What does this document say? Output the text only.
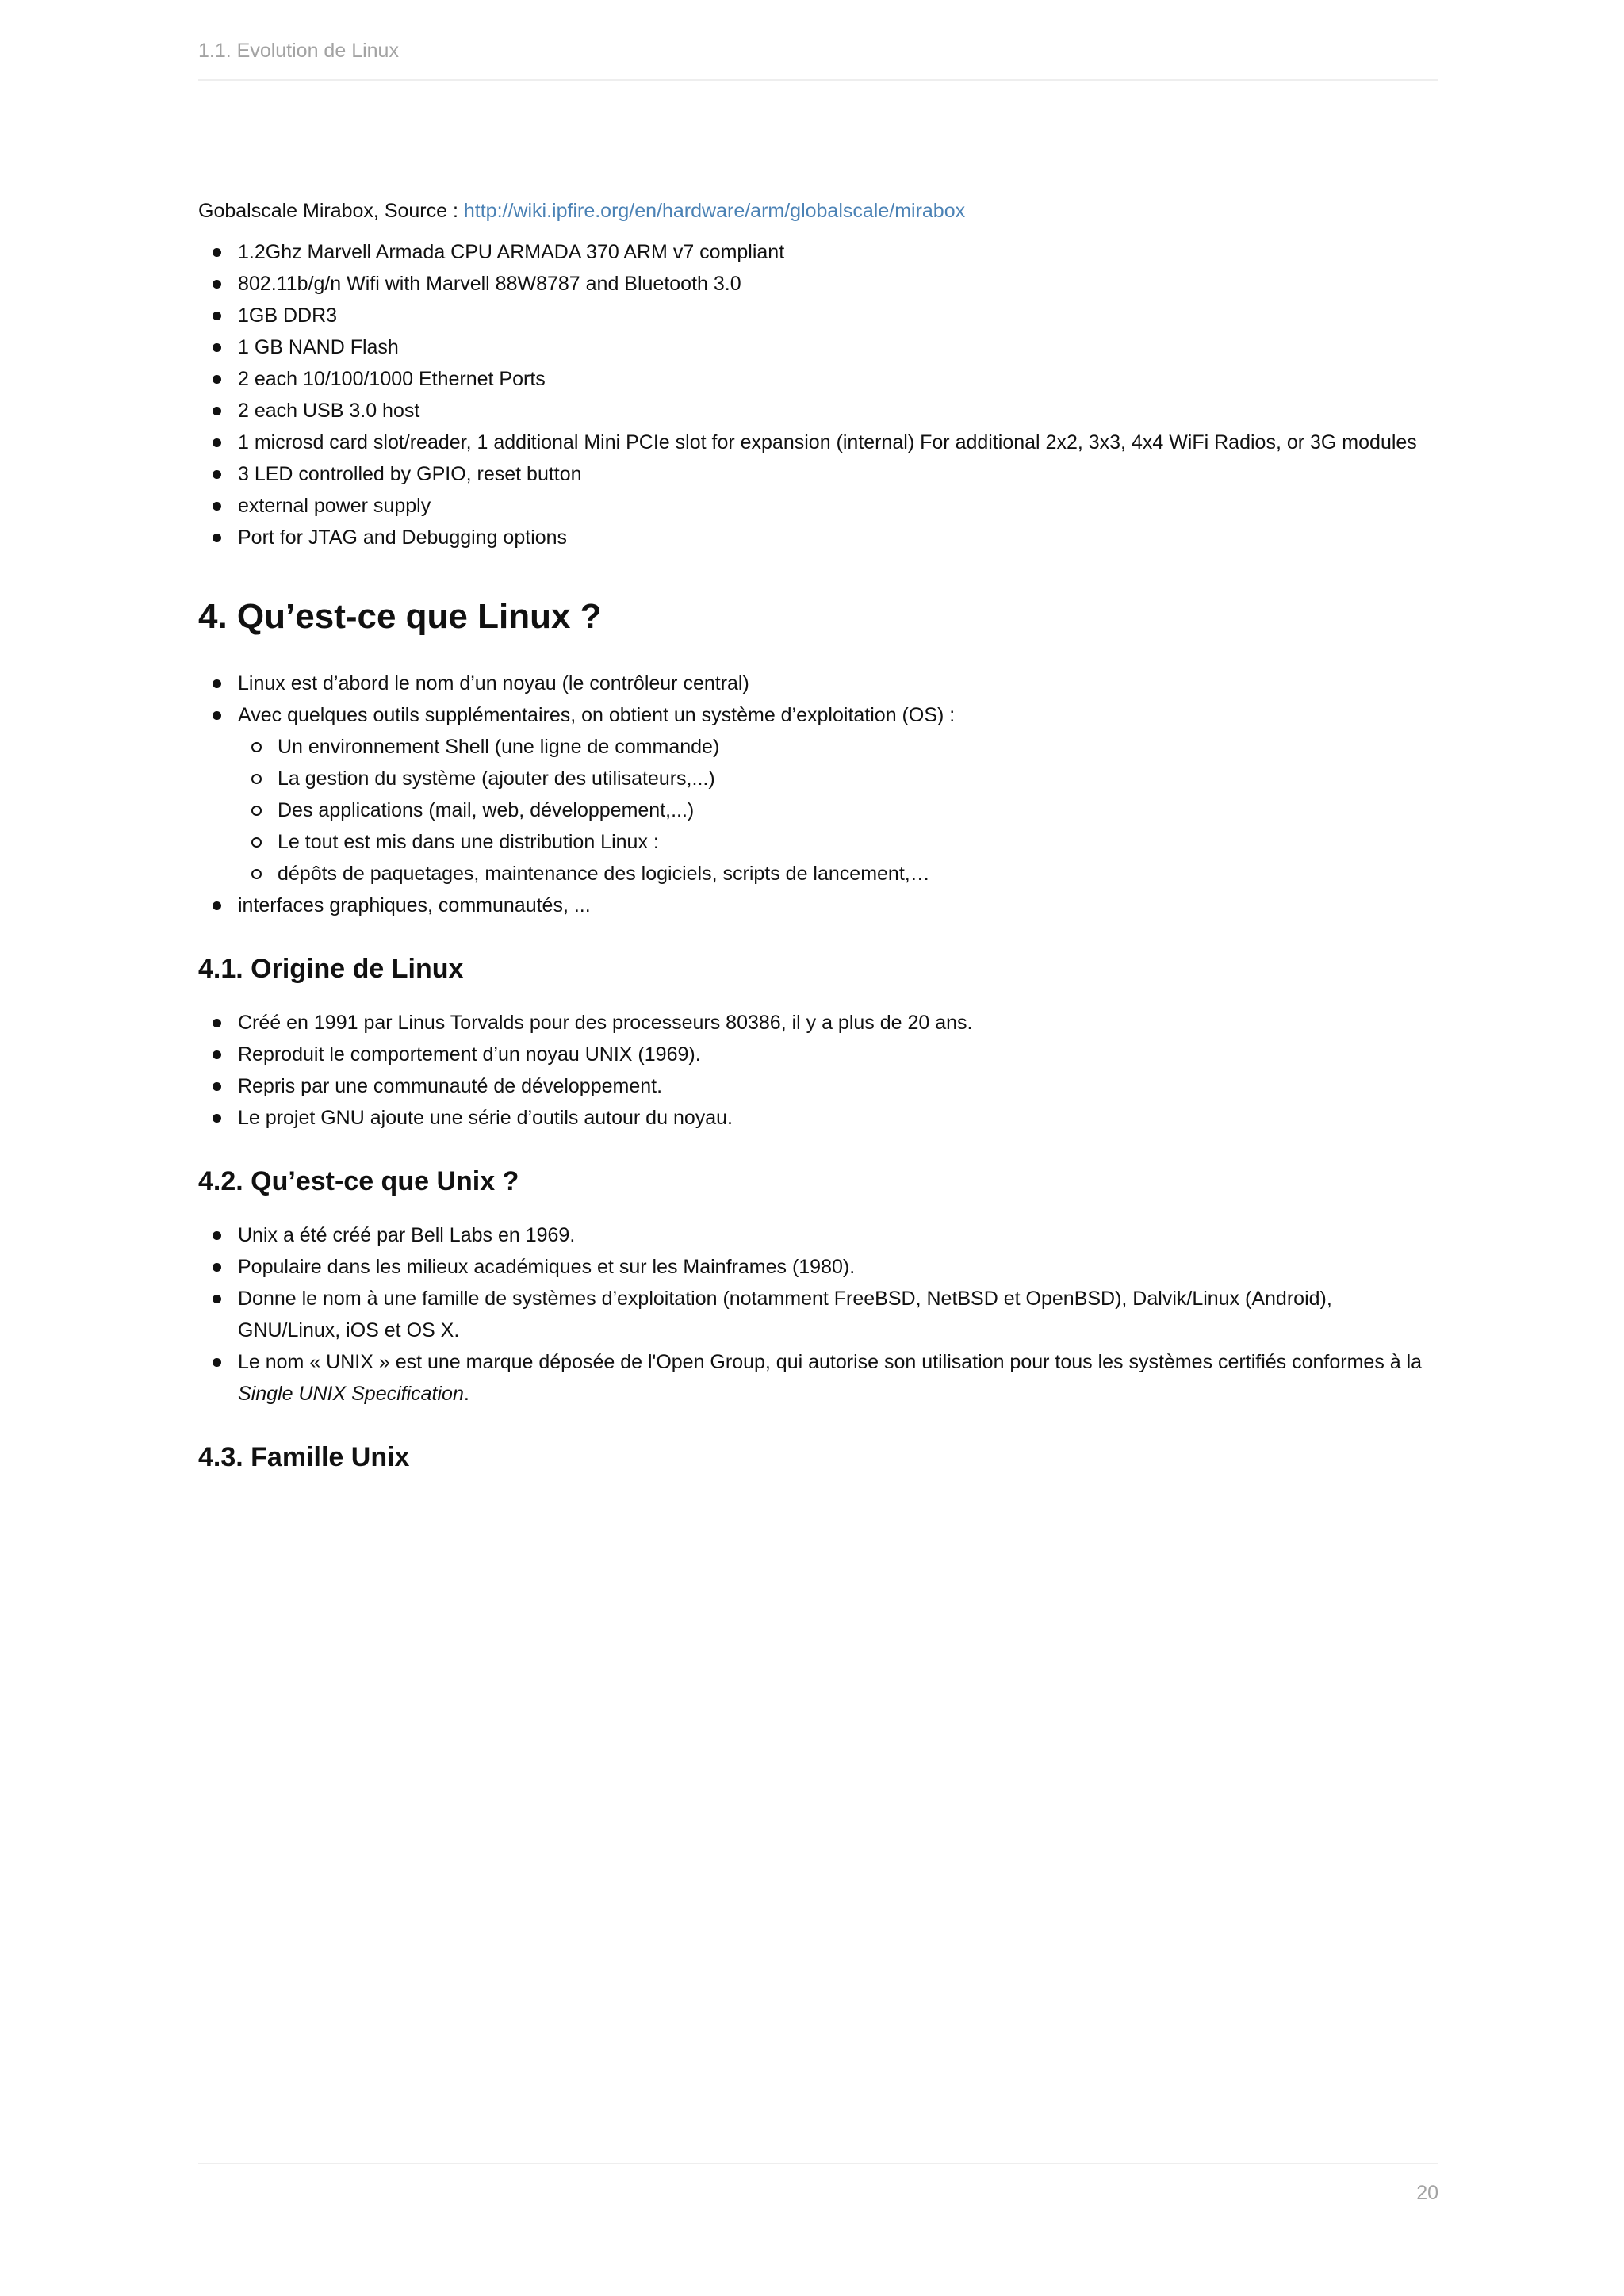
1.1. Evolution de Linux

Gobalscale Mirabox, Source : http://wiki.ipfire.org/en/hardware/arm/globalscale/mirabox

1.2Ghz Marvell Armada CPU ARMADA 370 ARM v7 compliant
802.11b/g/n Wifi with Marvell 88W8787 and Bluetooth 3.0
1GB DDR3
1 GB NAND Flash
2 each 10/100/1000 Ethernet Ports
2 each USB 3.0 host
1 microsd card slot/reader, 1 additional Mini PCIe slot for expansion (internal) For additional 2x2, 3x3, 4x4 WiFi Radios, or 3G modules
3 LED controlled by GPIO, reset button
external power supply
Port for JTAG and Debugging options
4. Qu’est-ce que Linux ?
Linux est d’abord le nom d’un noyau (le contrôleur central)
Avec quelques outils supplémentaires, on obtient un système d’exploitation (OS) :
Un environnement Shell (une ligne de commande)
La gestion du système (ajouter des utilisateurs,...)
Des applications (mail, web, développement,...)
Le tout est mis dans une distribution Linux :
dépôts de paquetages, maintenance des logiciels, scripts de lancement,…
interfaces graphiques, communautés, ...
4.1. Origine de Linux
Créé en 1991 par Linus Torvalds pour des processeurs 80386, il y a plus de 20 ans.
Reproduit le comportement d’un noyau UNIX (1969).
Repris par une communauté de développement.
Le projet GNU ajoute une série d’outils autour du noyau.
4.2. Qu’est-ce que Unix ?
Unix a été créé par Bell Labs en 1969.
Populaire dans les milieux académiques et sur les Mainframes (1980).
Donne le nom à une famille de systèmes d’exploitation (notamment FreeBSD, NetBSD et OpenBSD), Dalvik/Linux (Android), GNU/Linux, iOS et OS X.
Le nom « UNIX » est une marque déposée de l'Open Group, qui autorise son utilisation pour tous les systèmes certifiés conformes à la Single UNIX Specification.
4.3. Famille Unix
20
